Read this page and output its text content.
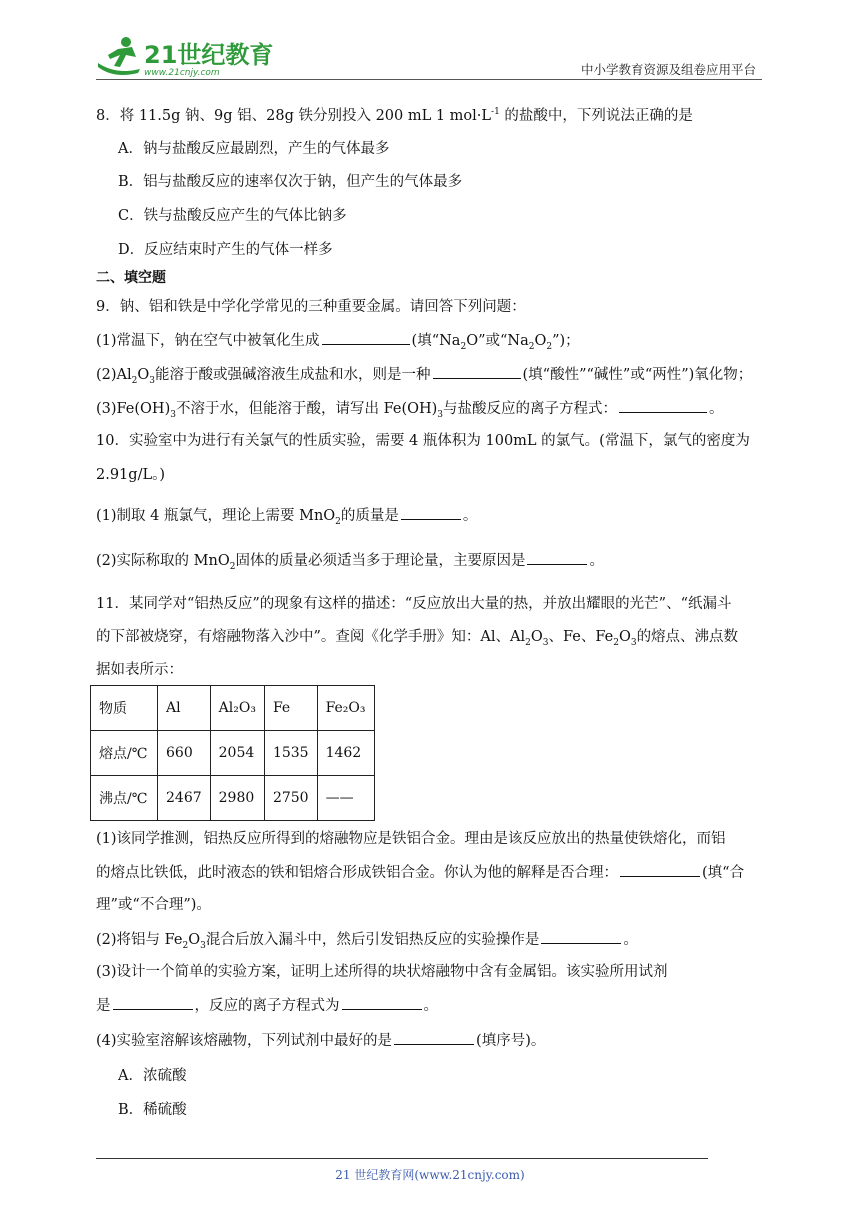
21世纪教育
www.21cnjy.com	中小学教育资源及组卷应用平台
8．将 11.5g 钠、9g 铝、28g 铁分别投入 200 mL 1 $mol\cdot L^{-1}$ 的盐酸中，下列说法正确的是
A．钠与盐酸反应最剧烈，产生的气体最多
B．铝与盐酸反应的速率仅次于钠，但产生的气体最多
C．铁与盐酸反应产生的气体比钠多
D．反应结束时产生的气体一样多
二、填空题
9．钠、铝和铁是中学化学常见的三种重要金属。请回答下列问题：
(1)常温下，钠在空气中被氧化生成	(填“$Na_2O$”或“$Na_2O_2$”)；
$(2)Al_2O_3$能溶于酸或强碱溶液生成盐和水，则是一种	(填“酸性”“碱性”或“两性”)氧化物；
$(3)Fe(OH)_3$不溶于水，但能溶于酸，请写出 $Fe(OH)_3$与盐酸反应的离子方程式：	。
10．实验室中为进行有关氯气的性质实验，需要 4 瓶体积为 100mL 的氯气。(常温下，氯气的密度为
2.91g/L。)
(1)制取 4 瓶氯气，理论上需要 MnO$_2$的质量是	。
(2)实际称取的 MnO$_2$固体的质量必须适当多于理论量，主要原因是	。
11．某同学对“铝热反应”的现象有这样的描述：“反应放出大量的热，并放出耀眼的光芒”、“纸漏斗
的下部被烧穿，有熔融物落入沙中”。查阅《化学手册》知：Al、$Al_2O_3$、Fe、$Fe_2O_3$的熔点、沸点数
据如表所示：
物质	Al	Al₂O₃	Fe	Fe₂O₃
熔点/℃	660	2054	1535	1462
沸点/℃	2467	2980	2750	——
(1)该同学推测，铝热反应所得到的熔融物应是铁铝合金。理由是该反应放出的热量使铁熔化，而铝
的熔点比铁低，此时液态的铁和铝熔合形成铁铝合金。你认为他的解释是否合理：	(填“合
理”或“不合理”)。
(2)将铝与 $Fe_2O_3$混合后放入漏斗中，然后引发铝热反应的实验操作是	。
(3)设计一个简单的实验方案，证明上述所得的块状熔融物中含有金属铝。该实验所用试剂
是	，反应的离子方程式为	。
(4)实验室溶解该熔融物，下列试剂中最好的是	(填序号)。
A．浓硫酸
B．稀硫酸
21 世纪教育网(www.21cnjy.com)
